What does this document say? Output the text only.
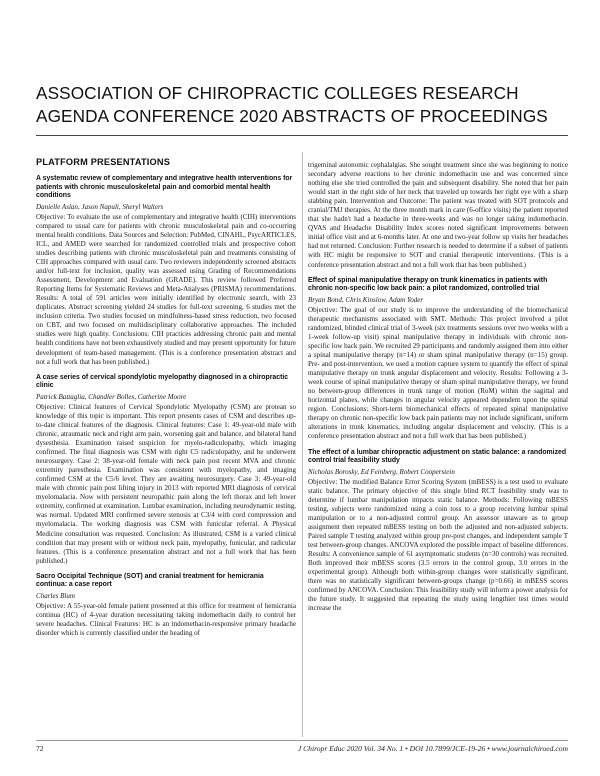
ASSOCIATION OF CHIROPRACTIC COLLEGES RESEARCH AGENDA CONFERENCE 2020 ABSTRACTS OF PROCEEDINGS
PLATFORM PRESENTATIONS
A systematic review of complementary and integrative health interventions for patients with chronic musculoskeletal pain and comorbid mental health conditions
Danielle Aslan, Jason Napuli, Sheryl Walters

Objective: To evaluate the use of complementary and integrative health (CIH) interventions compared to usual care for patients with chronic musculoskeletal pain and co-occurring mental health conditions. Data Sources and Selection: PubMed, CINAHL, PsycARTICLES, ICL, and AMED were searched for randomized controlled trials and prospective cohort studies describing patients with chronic musculoskeletal pain and treatments consisting of CIH approaches compared with usual care. Two reviewers independently screened abstracts and/or full-text for inclusion, quality was assessed using Grading of Recommendations Assessment, Development and Evaluation (GRADE). This review followed Preferred Reporting Items for Systematic Reviews and Meta-Analyses (PRISMA) recommendations. Results: A total of 591 articles were initially identified by electronic search, with 23 duplicates. Abstract screening yielded 24 studies for full-text screening, 6 studies met the inclusion criteria. Two studies focused on mindfulness-based stress reduction, two focused on CBT, and two focused on multidisciplinary collaborative approaches. The included studies were high quality. Conclusions: CIH practices addressing chronic pain and mental health conditions have not been exhaustively studied and may present opportunity for future development of team-based management. (This is a conference presentation abstract and not a full work that has been published.)

A case series of cervical spondylotic myelopathy diagnosed in a chiropractic clinic
Patrick Battaglia, Chandler Bolles, Catherine Moore

Objective: Clinical features of Cervical Spondylotic Myelopathy (CSM) are protean so knowledge of this topic is important. This report presents cases of CSM and describes up-to-date clinical features of the diagnosis. Clinical features: Case 1: 49-year-old male with chronic, atraumatic neck and right arm pain, worsening gait and balance, and bilateral hand dysesthesia. Examination raised suspicion for myelo-radiculopathy, which imaging confirmed. The final diagnosis was CSM with right C5 radiculopathy, and he underwent neurosurgery. Case 2: 38-year-old female with neck pain post recent MVA and chronic extremity paresthesia. Examination was consistent with myelopathy, and imaging confirmed CSM at the C5/6 level. They are awaiting neurosurgery. Case 3: 49-year-old male with chronic pain post lifting injury in 2013 with reported MRI diagnosis of cervical myelomalacia. Now with persistent neuropathic pain along the left thorax and left lower extremity, confirmed at examination. Lumbar examination, including neurodynamic testing, was normal. Updated MRI confirmed severe stenosis at C3/4 with cord compression and myelomalacia. The working diagnosis was CSM with funicular referral. A Physical Medicine consultation was requested. Conclusion: As illustrated, CSM is a varied clinical condition that may present with or without neck pain, myelopathy, funicular, and radicular features. (This is a conference presentation abstract and not a full work that has been published.)

Sacro Occipital Technique (SOT) and cranial treatment for hemicrania continua: a case report
Charles Blum

Objective: A 55-year-old female patient presented at this office for treatment of hemicrania continua (HC) of 4-year duration necessitating taking indomethacin daily to control her severe headaches. Clinical Features: HC is an indomethacin-responsive primary headache disorder which is currently classified under the heading of

trigeminal autonomic cephalalgias. She sought treatment since she was beginning to notice secondary adverse reactions to her chronic indomethacin use and was concerned since nothing else she tried controlled the pain and subsequent disability. She noted that her pain would start in the right side of her neck that traveled up towards her right eye with a sharp stabbing pain. Intervention and Outcome: The patient was treated with SOT protocols and cranial/TMJ therapies. At the three month mark in care (6-office visits) the patient reported that she hadn't had a headache in three-weeks and was no longer taking indomethacin. QVAS and Headache Disability Index scores noted significant improvements between initial office visit and at 6-months later. At one and two-year follow up visits her headaches had not returned. Conclusion: Further research is needed to determine if a subset of patients with HC might be responsive to SOT and cranial therapeutic interventions. (This is a conference presentation abstract and not a full work that has been published.)

Effect of spinal manipulative therapy on trunk kinematics in patients with chronic non-specific low back pain: a pilot randomized, controlled trial
Bryan Bond, Chris Kinslow, Adam Yoder

Objective: The goal of our study is to improve the understanding of the biomechanical therapeutic mechanisms associated with SMT. Methods: This project involved a pilot randomized, blinded clinical trial of 3-week (six treatments sessions over two weeks with a 1-week follow-up visit) spinal manipulative therapy in individuals with chronic non-specific low back pain. We recruited 29 participants and randomly assigned them into either a spinal manipulative therapy (n=14) or sham spinal manipulative therapy (n=15) group. Pre- and post-intervention, we used a motion capture system to quantify the effect of spinal manipulative therapy on trunk angular displacement and velocity. Results: Following a 3-week course of spinal manipulative therapy or sham spinal manipulative therapy, we found no between-group differences in trunk range of motion (RoM) within the sagittal and horizontal planes, while changes in angular velocity appeared dependent upon the spinal region. Conclusions: Short-term biomechanical effects of repeated spinal manipulative therapy on chronic non-specific low back pain patients may not include significant, uniform alterations in trunk kinematics, including angular displacement and velocity. (This is a conference presentation abstract and not a full work that has been published.)

The effect of a lumbar chiropractic adjustment on static balance: a randomized control trial feasibility study
Nicholas Borosky, Ed Feinberg, Robert Cooperstein

Objective: The modified Balance Error Scoring System (mBESS) is a test used to evaluate static balance. The primary objective of this single blind RCT feasibility study was to determine if lumbar manipulation impacts static balance. Methods: Following mBESS testing, subjects were randomized using a coin toss to a group receiving lumbar spinal manipulation or to a non-adjusted control group. An assessor unaware as to group assignment then repeated mBESS testing on both the adjusted and non-adjusted subjects. Paired sample T testing analyzed within group pre-post changes, and independent sample T test between-group changes. ANCOVA explored the possible impact of baseline differences. Results: A convenience sample of 61 asymptomatic students (n=30 controls) was recruited. Both improved their mBESS scores (3.5 errors in the control group, 3.0 errors in the experimental group). Although both within-group changes were statistically significant, there was no statistically significant between-groups change (p=0.66) in mBESS scores confirmed by ANCOVA. Conclusion: This feasibility study will inform a power analysis for the future study. It suggested that repeating the study using lengthier test times would increase the

72	J Chiropr Educ 2020 Vol. 34 No. 1 • DOI 10.7899/JCE-19-26 • www.journalchiroed.com
